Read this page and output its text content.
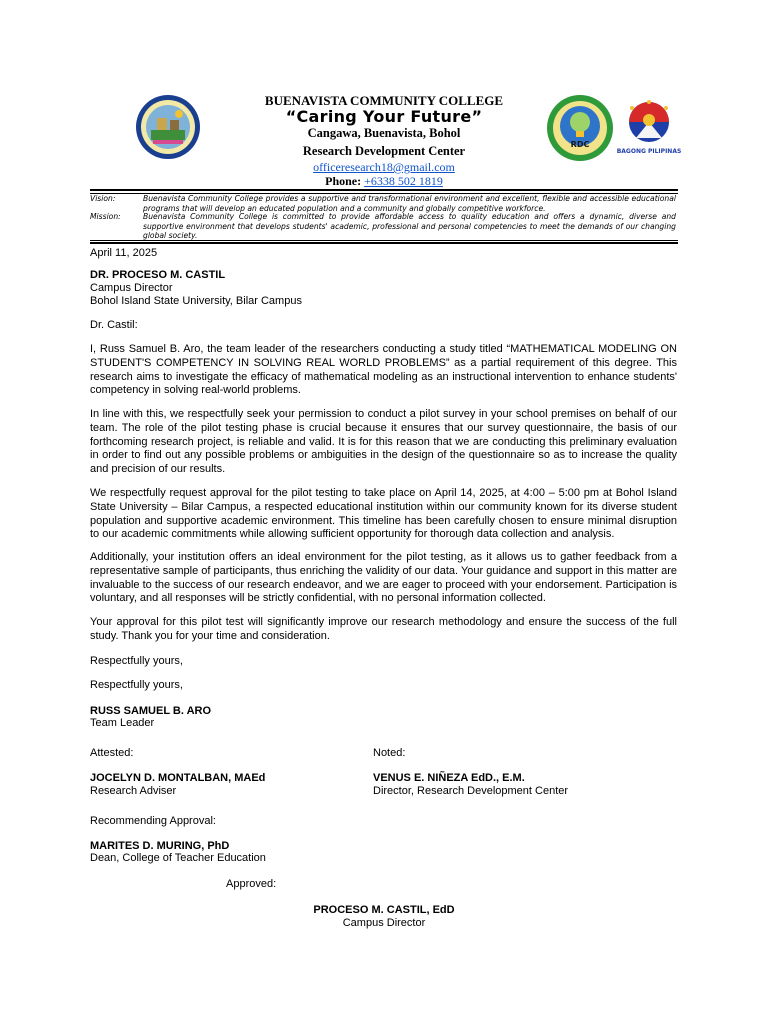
BUENAVISTA COMMUNITY COLLEGE
“Caring Your Future”
Cangawa, Buenavista, Bohol
Research Development Center
officeresearch18@gmail.com
Phone: +6338 502 1819
RDC
BAGONG PILIPINAS
Vision:	Buenavista Community College provides a supportive and transformational environment and excellent, flexible and accessible educational programs that will develop an educated population and a community and globally competitive workforce.
Mission:	Buenavista Community College is committed to provide affordable access to quality education and offers a dynamic, diverse and supportive environment that develops students' academic, professional and personal competencies to meet the demands of our changing global society.
April 11, 2025
DR. PROCESO M. CASTIL
Campus Director
Bohol Island State University, Bilar Campus
Dr. Castil:
I, Russ Samuel B. Aro, the team leader of the researchers conducting a study titled “MATHEMATICAL MODELING ON STUDENT'S COMPETENCY IN SOLVING REAL WORLD PROBLEMS” as a partial requirement of this degree. This research aims to investigate the efficacy of mathematical modeling as an instructional intervention to enhance students' competency in solving real-world problems.
In line with this, we respectfully seek your permission to conduct a pilot survey in your school premises on behalf of our team. The role of the pilot testing phase is crucial because it ensures that our survey questionnaire, the basis of our forthcoming research project, is reliable and valid. It is for this reason that we are conducting this preliminary evaluation in order to find out any possible problems or ambiguities in the design of the questionnaire so as to increase the quality and precision of our results.
We respectfully request approval for the pilot testing to take place on April 14, 2025, at 4:00 – 5:00 pm at Bohol Island State University – Bilar Campus, a respected educational institution within our community known for its diverse student population and supportive academic environment. This timeline has been carefully chosen to ensure minimal disruption to our academic commitments while allowing sufficient opportunity for thorough data collection and analysis.
Additionally, your institution offers an ideal environment for the pilot testing, as it allows us to gather feedback from a representative sample of participants, thus enriching the validity of our data. Your guidance and support in this matter are invaluable to the success of our research endeavor, and we are eager to proceed with your endorsement. Participation is voluntary, and all responses will be strictly confidential, with no personal information collected.
Your approval for this pilot test will significantly improve our research methodology and ensure the success of the full study. Thank you for your time and consideration.
Respectfully yours,
Respectfully yours,
RUSS SAMUEL B. ARO
Team Leader
Attested:	Noted:
JOCELYN D. MONTALBAN, MAEd
Research Adviser
VENUS E. NIÑEZA EdD., E.M.
Director, Research Development Center
Recommending Approval:
MARITES D. MURING, PhD
Dean, College of Teacher Education
Approved:
PROCESO M. CASTIL, EdD
Campus Director
